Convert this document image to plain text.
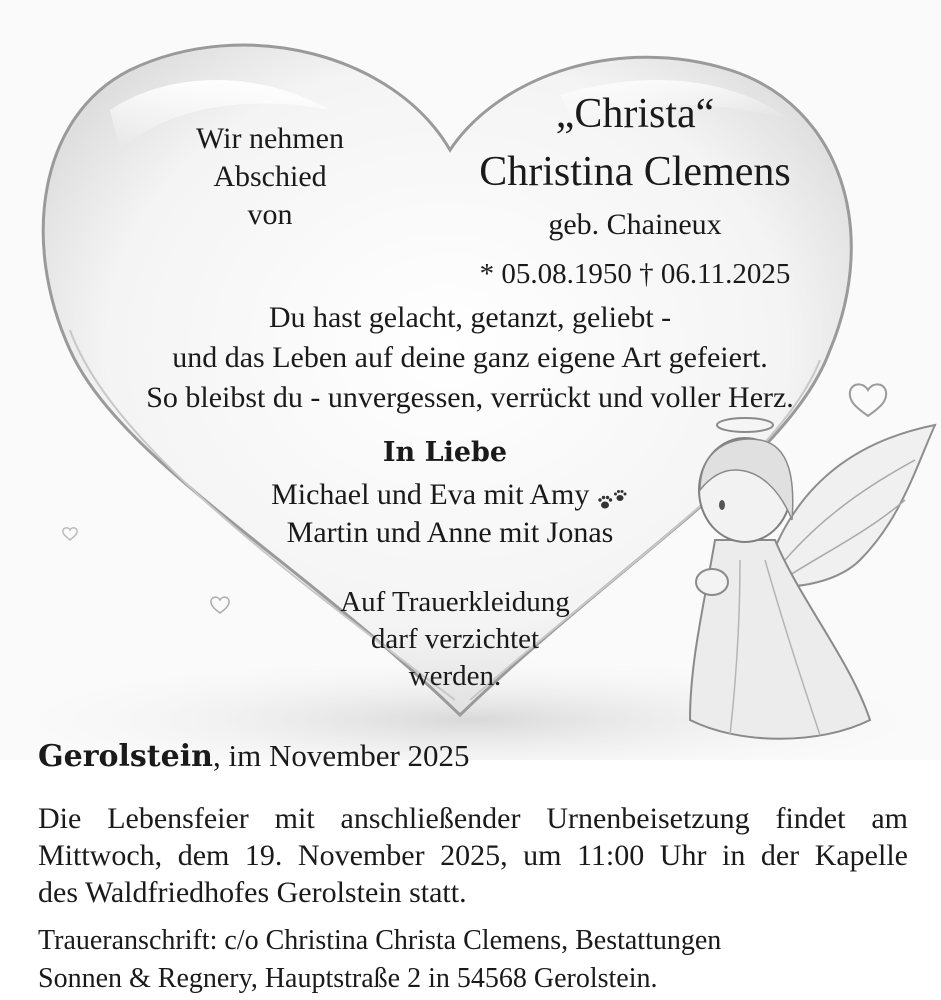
Wir nehmen
Abschied
von
„Christa“
Christina Clemens
geb. Chaineux
* 05.08.1950 † 06.11.2025
Du hast gelacht, getanzt, geliebt -
und das Leben auf deine ganz eigene Art gefeiert.
So bleibst du - unvergessen, verrückt und voller Herz.
In Liebe
Michael und Eva mit Amy
Martin und Anne mit Jonas
Auf Trauerkleidung
darf verzichtet
werden.
Gerolstein, im November 2025
Die Lebensfeier mit anschließender Urnenbeisetzung findet am
Mittwoch, dem 19. November 2025, um 11:00 Uhr in der Kapelle
des Waldfriedhofes Gerolstein statt.
Traueranschrift: c/o Christina Christa Clemens, Bestattungen
Sonnen & Regnery, Hauptstraße 2 in 54568 Gerolstein.
